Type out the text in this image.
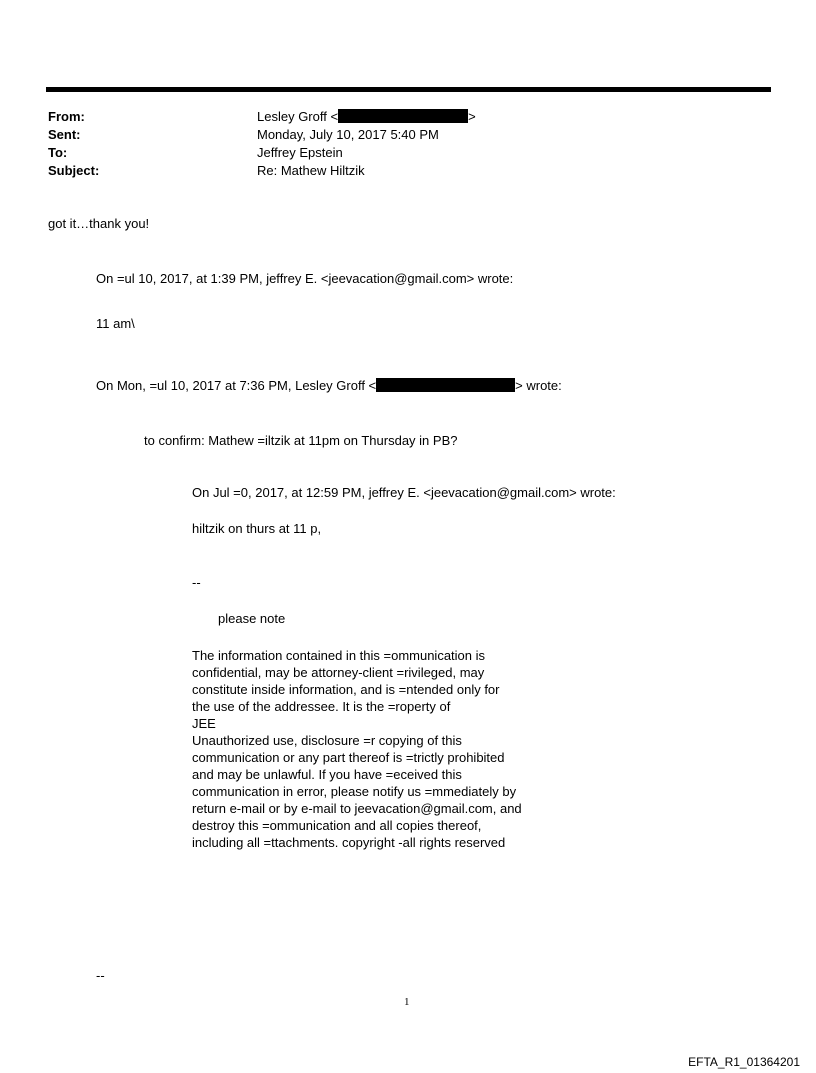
From:	Lesley Groff <	>
Sent:	Monday, July 10, 2017 5:40 PM
To:	Jeffrey Epstein
Subject:	Re: Mathew Hiltzik
got it…thank you!
On =ul 10, 2017, at 1:39 PM, jeffrey E. <jeevacation@gmail.com> wrote:
11 am\
On Mon, =ul 10, 2017 at 7:36 PM, Lesley Groff <	> wrote:
to confirm: Mathew =iltzik at 11pm on Thursday in PB?
On Jul =0, 2017, at 12:59 PM, jeffrey E. <jeevacation@gmail.com> wrote:
hiltzik on thurs at 11 p,
--
please note
The information contained in this =ommunication is
confidential, may be attorney-client =rivileged, may
constitute inside information, and is =ntended only for
the use of the addressee. It is the =roperty of
JEE
Unauthorized use, disclosure =r copying of this
communication or any part thereof is =trictly prohibited
and may be unlawful. If you have =eceived this
communication in error, please notify us =mmediately by
return e-mail or by e-mail to jeevacation@gmail.com, and
destroy this =ommunication and all copies thereof,
including all =ttachments. copyright -all rights reserved
--
1
EFTA_R1_01364201
